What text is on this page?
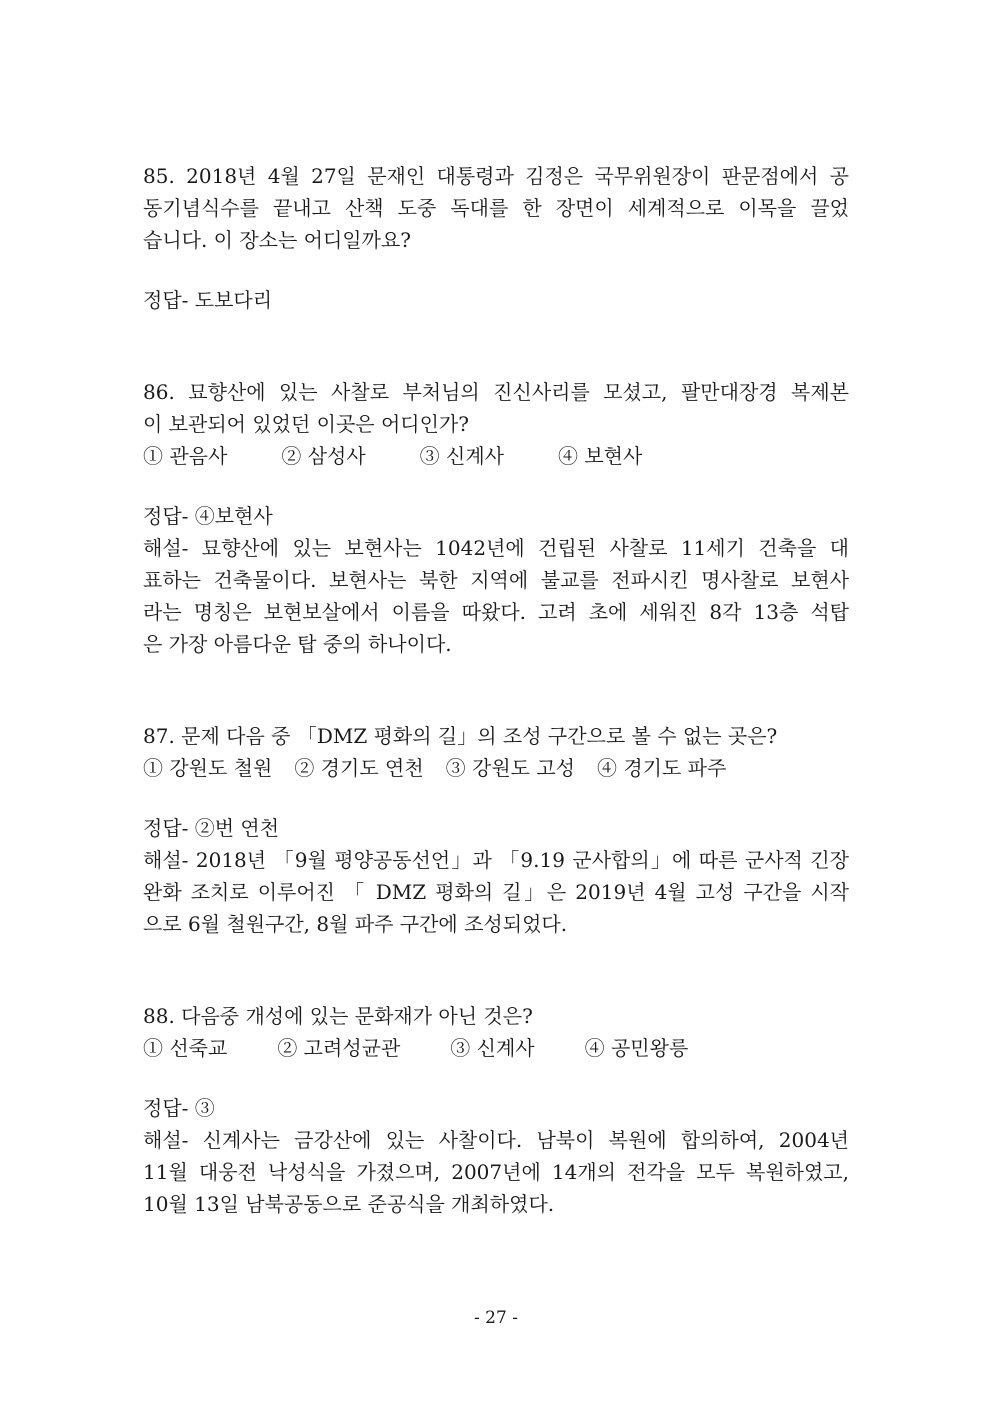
85. 2018년 4월 27일 문재인 대통령과 김정은 국무위원장이 판문점에서 공
동기념식수를 끝내고 산책 도중 독대를 한 장면이 세계적으로 이목을 끌었
습니다. 이 장소는 어디일까요?
정답- 도보다리
86. 묘향산에 있는 사찰로 부처님의 진신사리를 모셨고, 팔만대장경 복제본
이 보관되어 있었던 이곳은 어디인가?
① 관음사	② 삼성사	③ 신계사	④ 보현사
정답- ④보현사
해설- 묘향산에 있는 보현사는 1042년에 건립된 사찰로 11세기 건축을 대
표하는 건축물이다. 보현사는 북한 지역에 불교를 전파시킨 명사찰로 보현사
라는 명칭은 보현보살에서 이름을 따왔다. 고려 초에 세워진 8각 13층 석탑
은 가장 아름다운 탑 중의 하나이다.
87. 문제 다음 중 「DMZ 평화의 길」의 조성 구간으로 볼 수 없는 곳은?
① 강원도 철원 ② 경기도 연천 ③ 강원도 고성 ④ 경기도 파주
정답- ②번 연천
해설- 2018년 「9월 평양공동선언」과 「9.19 군사합의」에 따른 군사적 긴장
완화 조치로 이루어진 「 DMZ 평화의 길」은 2019년 4월 고성 구간을 시작
으로 6월 철원구간, 8월 파주 구간에 조성되었다.
88. 다음중 개성에 있는 문화재가 아닌 것은?
① 선죽교	② 고려성균관	③ 신계사	④ 공민왕릉
정답- ③
해설- 신계사는 금강산에 있는 사찰이다. 남북이 복원에 합의하여, 2004년
11월 대웅전 낙성식을 가졌으며, 2007년에 14개의 전각을 모두 복원하였고,
10월 13일 남북공동으로 준공식을 개최하였다.
- 27 -
